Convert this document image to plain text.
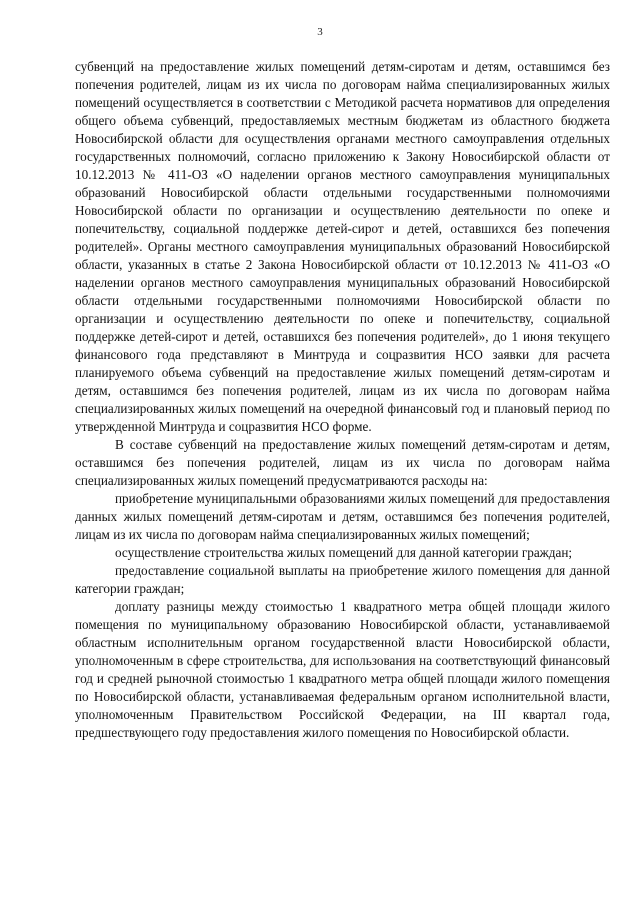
3

субвенций на предоставление жилых помещений детям-сиротам и детям, оставшимся без попечения родителей, лицам из их числа по договорам найма специализированных жилых помещений осуществляется в соответствии с Методикой расчета нормативов для определения общего объема субвенций, предоставляемых местным бюджетам из областного бюджета Новосибирской области для осуществления органами местного самоуправления отдельных государственных полномочий, согласно приложению к Закону Новосибирской области от 10.12.2013 № 411-ОЗ «О наделении органов местного самоуправления муниципальных образований Новосибирской области отдельными государственными полномочиями Новосибирской области по организации и осуществлению деятельности по опеке и попечительству, социальной поддержке детей-сирот и детей, оставшихся без попечения родителей». Органы местного самоуправления муниципальных образований Новосибирской области, указанных в статье 2 Закона Новосибирской области от 10.12.2013 № 411-ОЗ «О наделении органов местного самоуправления муниципальных образований Новосибирской области отдельными государственными полномочиями Новосибирской области по организации и осуществлению деятельности по опеке и попечительству, социальной поддержке детей-сирот и детей, оставшихся без попечения родителей», до 1 июня текущего финансового года представляют в Минтруда и соцразвития НСО заявки для расчета планируемого объема субвенций на предоставление жилых помещений детям-сиротам и детям, оставшимся без попечения родителей, лицам из их числа по договорам найма специализированных жилых помещений на очередной финансовый год и плановый период по утвержденной Минтруда и соцразвития НСО форме.

В составе субвенций на предоставление жилых помещений детям-сиротам и детям, оставшимся без попечения родителей, лицам из их числа по договорам найма специализированных жилых помещений предусматриваются расходы на:

приобретение муниципальными образованиями жилых помещений для предоставления данных жилых помещений детям-сиротам и детям, оставшимся без попечения родителей, лицам из их числа по договорам найма специализированных жилых помещений;

осуществление строительства жилых помещений для данной категории граждан;

предоставление социальной выплаты на приобретение жилого помещения для данной категории граждан;

доплату разницы между стоимостью 1 квадратного метра общей площади жилого помещения по муниципальному образованию Новосибирской области, устанавливаемой областным исполнительным органом государственной власти Новосибирской области, уполномоченным в сфере строительства, для использования на соответствующий финансовый год и средней рыночной стоимостью 1 квадратного метра общей площади жилого помещения по Новосибирской области, устанавливаемая федеральным органом исполнительной власти, уполномоченным Правительством Российской Федерации, на III квартал года, предшествующего году предоставления жилого помещения по Новосибирской области.
